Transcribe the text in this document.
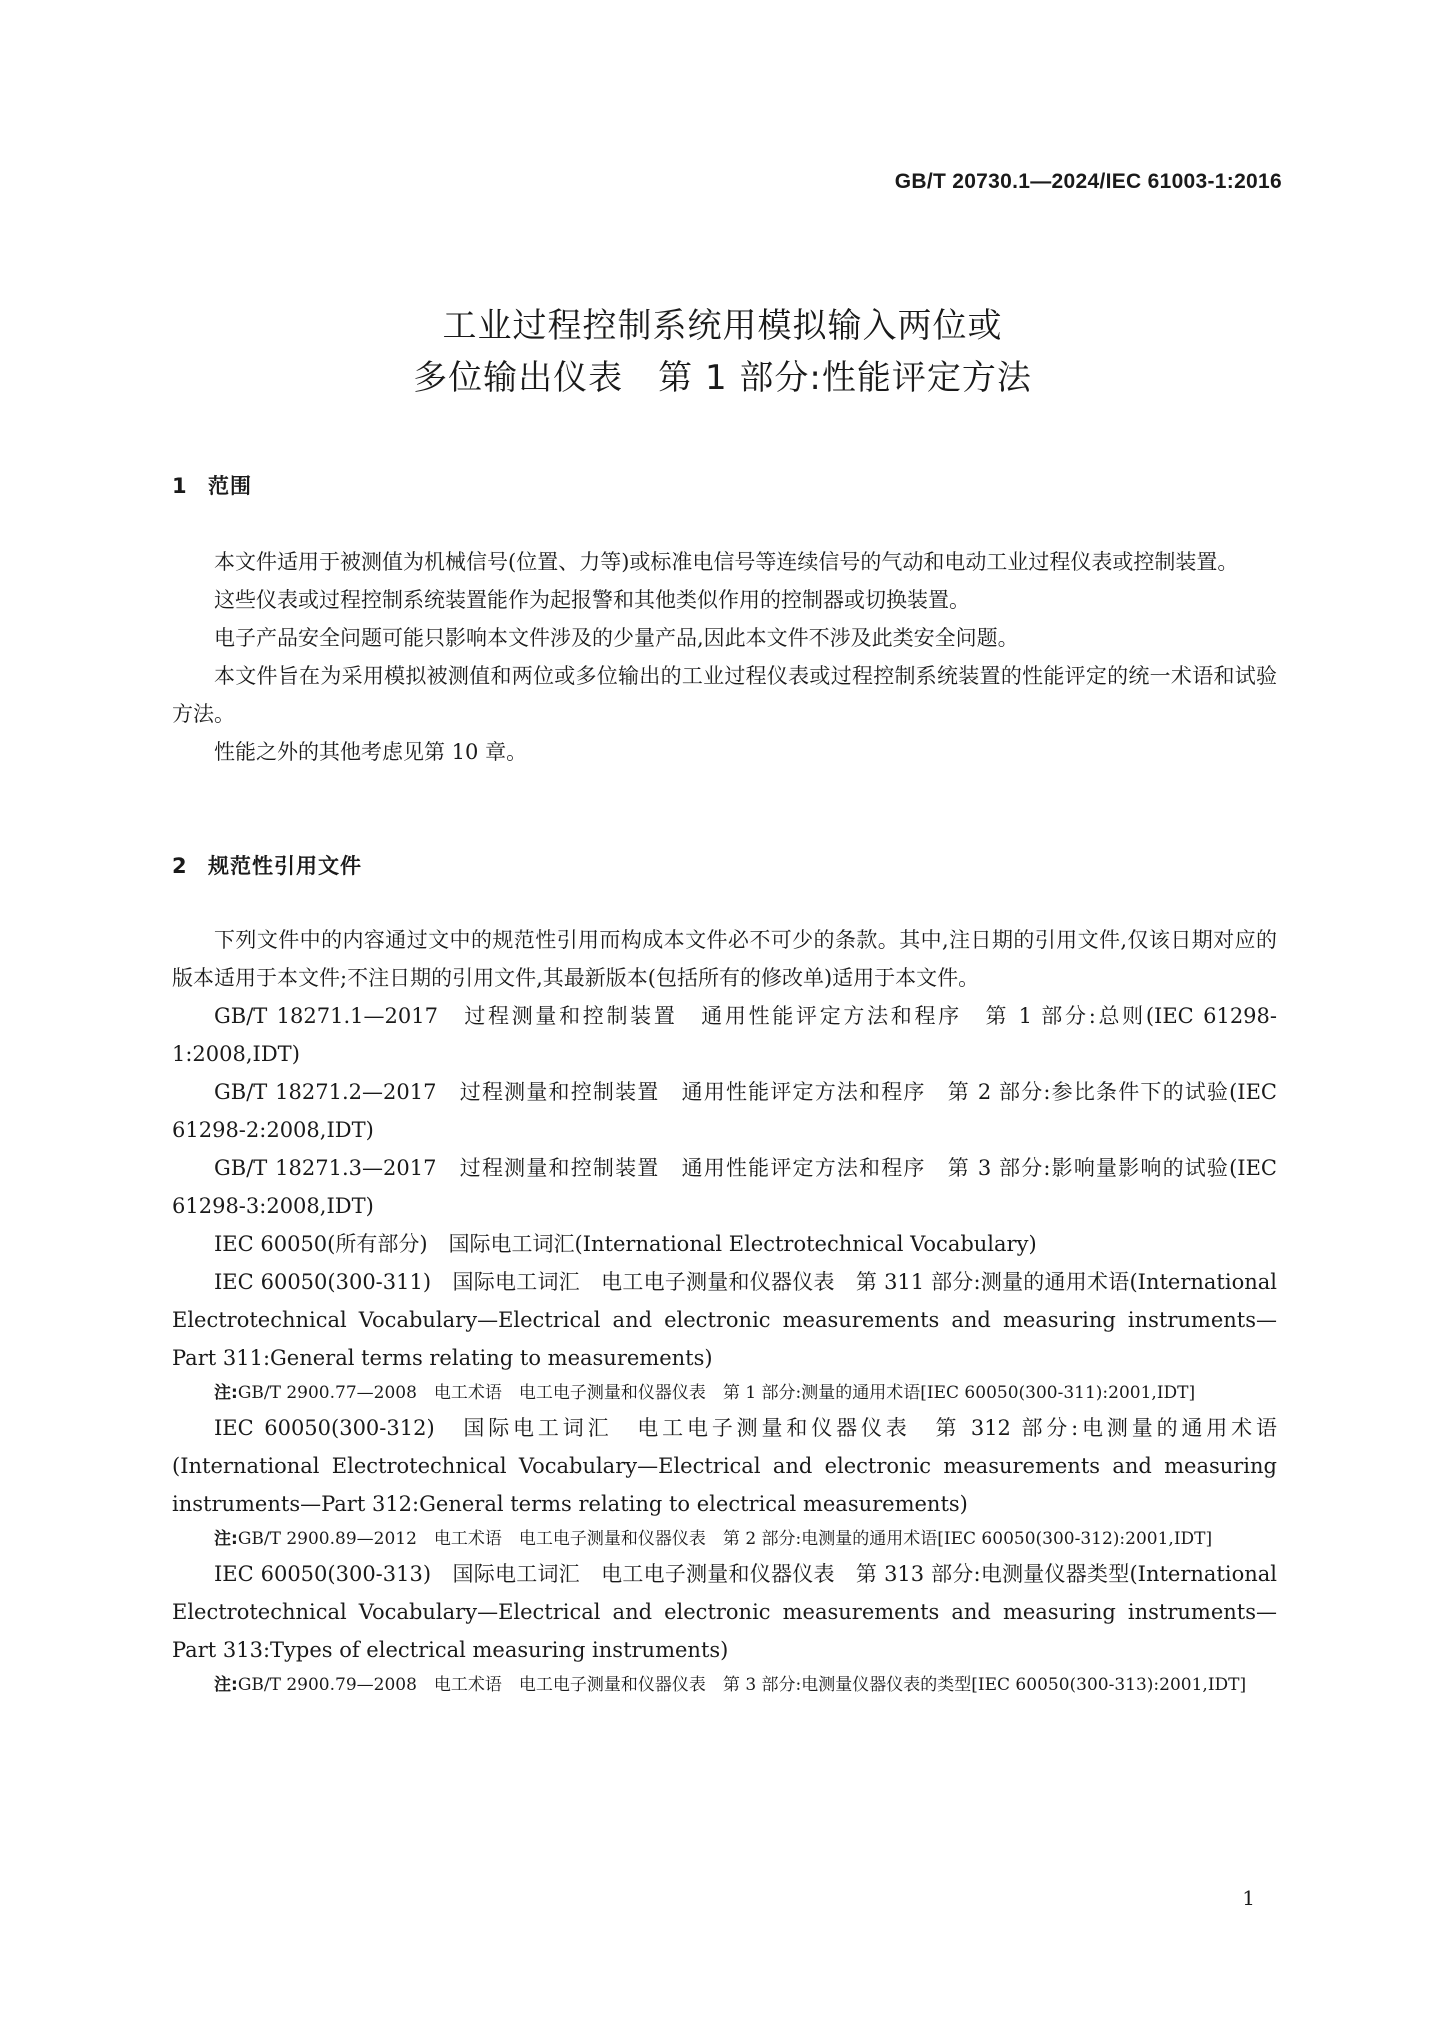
GB/T 20730.1—2024/IEC 61003-1:2016
工业过程控制系统用模拟输入两位或
多位输出仪表　第 1 部分:性能评定方法
1 范围

本文件适用于被测值为机械信号(位置、力等)或标准电信号等连续信号的气动和电动工业过程仪表或控制装置。

这些仪表或过程控制系统装置能作为起报警和其他类似作用的控制器或切换装置。

电子产品安全问题可能只影响本文件涉及的少量产品,因此本文件不涉及此类安全问题。

本文件旨在为采用模拟被测值和两位或多位输出的工业过程仪表或过程控制系统装置的性能评定的统一术语和试验方法。

性能之外的其他考虑见第 10 章。

2 规范性引用文件

下列文件中的内容通过文中的规范性引用而构成本文件必不可少的条款。其中,注日期的引用文件,仅该日期对应的版本适用于本文件;不注日期的引用文件,其最新版本(包括所有的修改单)适用于本文件。

GB/T 18271.1—2017　过程测量和控制装置　通用性能评定方法和程序　第 1 部分:总则(IEC 61298-1:2008,IDT)

GB/T 18271.2—2017　过程测量和控制装置　通用性能评定方法和程序　第 2 部分:参比条件下的试验(IEC 61298-2:2008,IDT)

GB/T 18271.3—2017　过程测量和控制装置　通用性能评定方法和程序　第 3 部分:影响量影响的试验(IEC 61298-3:2008,IDT)

IEC 60050(所有部分)　国际电工词汇(International Electrotechnical Vocabulary)

IEC 60050(300-311)　国际电工词汇　电工电子测量和仪器仪表　第 311 部分:测量的通用术语(International Electrotechnical Vocabulary—Electrical and electronic measurements and measuring instruments—Part 311:General terms relating to measurements)

注:GB/T 2900.77—2008　电工术语　电工电子测量和仪器仪表　第 1 部分:测量的通用术语[IEC 60050(300-311):2001,IDT]

IEC 60050(300-312)　国际电工词汇　电工电子测量和仪器仪表　第 312 部分:电测量的通用术语(International Electrotechnical Vocabulary—Electrical and electronic measurements and measuring instruments—Part 312:General terms relating to electrical measurements)

注:GB/T 2900.89—2012　电工术语　电工电子测量和仪器仪表　第 2 部分:电测量的通用术语[IEC 60050(300-312):2001,IDT]

IEC 60050(300-313)　国际电工词汇　电工电子测量和仪器仪表　第 313 部分:电测量仪器类型(International Electrotechnical Vocabulary—Electrical and electronic measurements and measuring instruments—Part 313:Types of electrical measuring instruments)

注:GB/T 2900.79—2008　电工术语　电工电子测量和仪器仪表　第 3 部分:电测量仪器仪表的类型[IEC 60050(300-313):2001,IDT]

1
